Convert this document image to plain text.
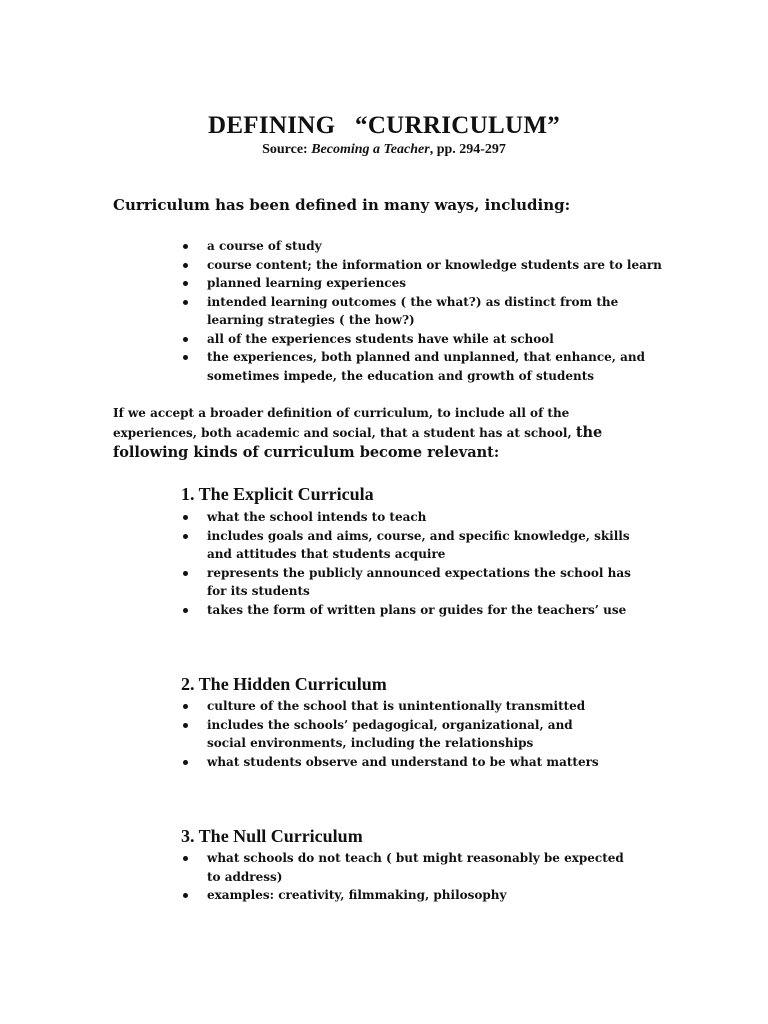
DEFINING   “CURRICULUM”
Source: Becoming a Teacher, pp. 294-297
Curriculum has been defined in many ways, including:
a course of study
course content; the information or knowledge students are to learn
planned learning experiences
intended learning outcomes ( the what?) as distinct from the learning strategies ( the how?)
all of the experiences students have while at school
the experiences, both planned and unplanned, that enhance, and sometimes impede, the education and growth of students
If we accept a broader definition of curriculum, to include all of the experiences, both academic and social, that a student has at school, the following kinds of curriculum become relevant:
1. The Explicit Curricula
what the school intends to teach
includes goals and aims, course, and specific knowledge, skills and attitudes that students acquire
represents the publicly announced expectations the school has for its students
takes the form of written plans or guides for the teachers’ use
2. The Hidden Curriculum
culture of the school that is unintentionally transmitted
includes the schools’ pedagogical, organizational, and social environments, including the relationships
what students observe and understand to be what matters
3. The Null Curriculum
what schools do not teach ( but might reasonably be expected to address)
examples: creativity, filmmaking, philosophy
